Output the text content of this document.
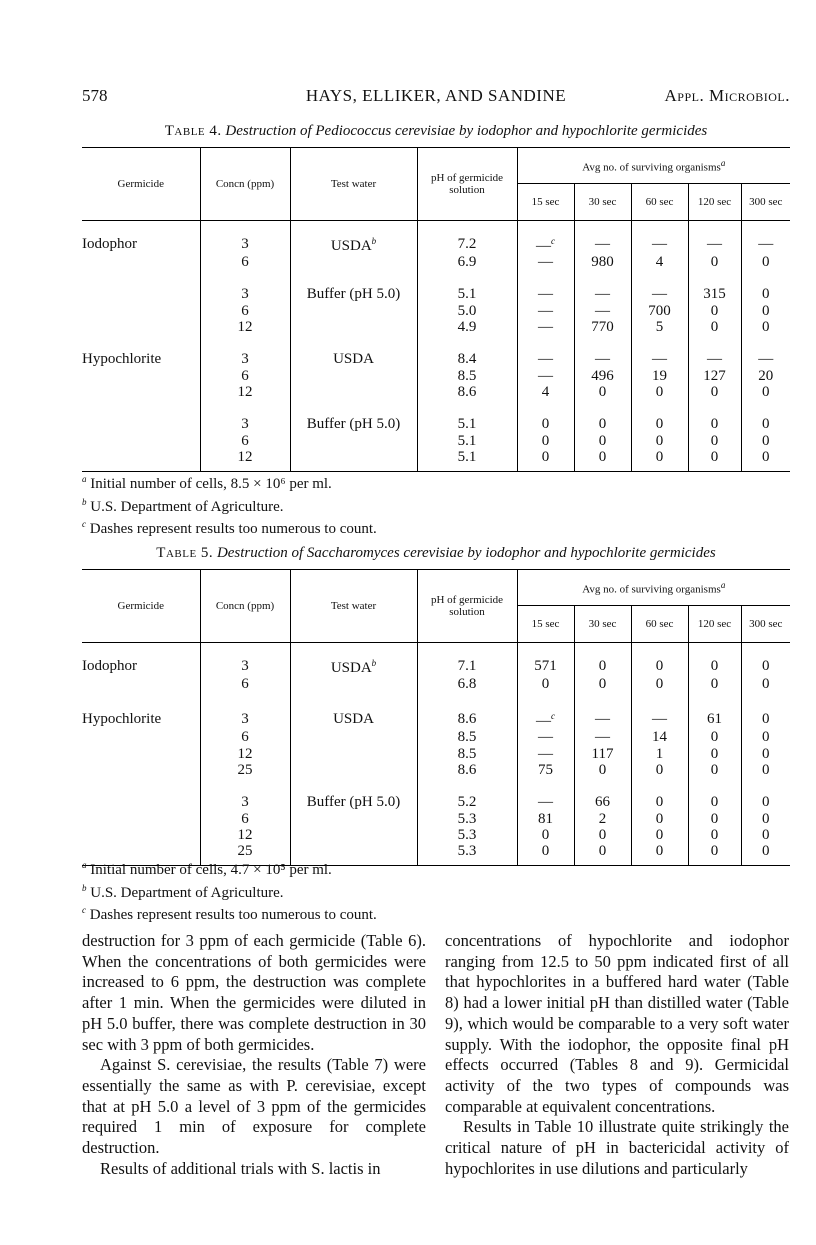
578	HAYS, ELLIKER, AND SANDINE	Appl. Microbiol.
Table 4. Destruction of Pediococcus cerevisiae by iodophor and hypochlorite germicides
Germicide	Concn (ppm)	Test water	pH of germicide solution	Avg no. of surviving organisms$^a$
				15 sec	30 sec	60 sec	120 sec	300 sec
Iodophor	3	USDA$^b$	7.2	—$^c$	—	—	—	—
	6		6.9	—	980	4	0	0

	3	Buffer (pH 5.0)	5.1	—	—	—	315	0
	6		5.0	—	—	700	0	0
	12		4.9	—	770	5	0	0

Hypochlorite	3	USDA	8.4	—	—	—	—	—
	6		8.5	—	496	19	127	20
	12		8.6	4	0	0	0	0

	3	Buffer (pH 5.0)	5.1	0	0	0	0	0
	6		5.1	0	0	0	0	0
	12		5.1	0	0	0	0	0
$^a$ Initial number of cells, 8.5 × 10⁶ per ml.
$^b$ U.S. Department of Agriculture.
$^c$ Dashes represent results too numerous to count.
Table 5. Destruction of Saccharomyces cerevisiae by iodophor and hypochlorite germicides
Germicide	Concn (ppm)	Test water	pH of germicide solution	Avg no. of surviving organisms$^a$
				15 sec	30 sec	60 sec	120 sec	300 sec
Iodophor	3	USDA$^b$	7.1	571	0	0	0	0
	6		6.8	0	0	0	0	0

Hypochlorite	3	USDA	8.6	—$^c$	—	—	61	0
	6		8.5	—	—	14	0	0
	12		8.5	—	117	1	0	0
	25		8.6	75	0	0	0	0

	3	Buffer (pH 5.0)	5.2	—	66	0	0	0
	6		5.3	81	2	0	0	0
	12		5.3	0	0	0	0	0
	25		5.3	0	0	0	0	0
$^a$ Initial number of cells, 4.7 × 10⁵ per ml.
$^b$ U.S. Department of Agriculture.
$^c$ Dashes represent results too numerous to count.

destruction for 3 ppm of each germicide (Table 6). When the concentrations of both germicides were increased to 6 ppm, the destruction was complete after 1 min. When the germicides were diluted in pH 5.0 buffer, there was complete destruction in 30 sec with 3 ppm of both germicides.

Against S. cerevisiae, the results (Table 7) were essentially the same as with P. cerevisiae, except that at pH 5.0 a level of 3 ppm of the germicides required 1 min of exposure for complete destruction.

Results of additional trials with S. lactis in

concentrations of hypochlorite and iodophor ranging from 12.5 to 50 ppm indicated first of all that hypochlorites in a buffered hard water (Table 8) had a lower initial pH than distilled water (Table 9), which would be comparable to a very soft water supply. With the iodophor, the opposite final pH effects occurred (Tables 8 and 9). Germicidal activity of the two types of compounds was comparable at equivalent concentrations.

Results in Table 10 illustrate quite strikingly the critical nature of pH in bactericidal activity of hypochlorites in use dilutions and particularly
